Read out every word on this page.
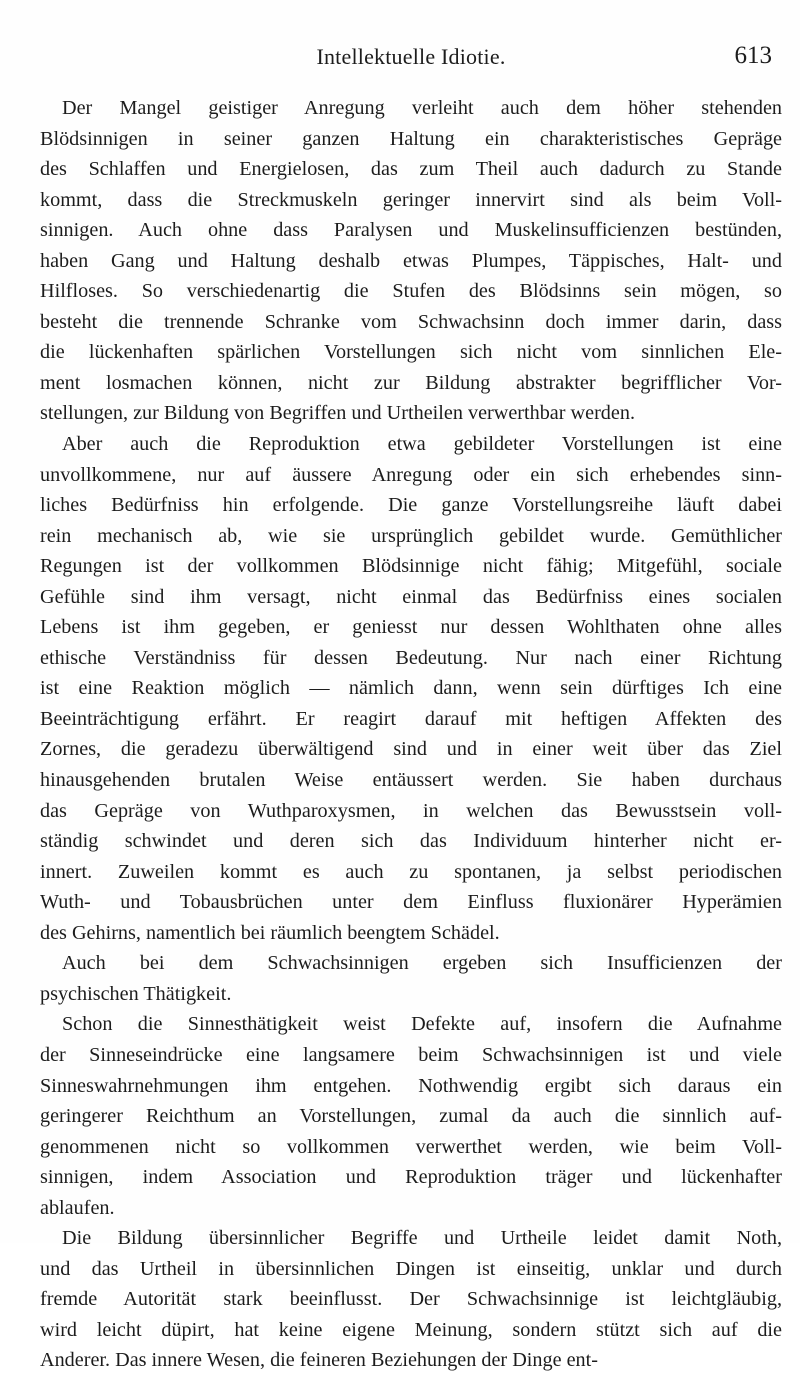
Intellektuelle Idiotie.	613
Der Mangel geistiger Anregung verleiht auch dem höher stehenden
Blödsinnigen in seiner ganzen Haltung ein charakteristisches Gepräge
des Schlaffen und Energielosen, das zum Theil auch dadurch zu Stande
kommt, dass die Streckmuskeln geringer innervirt sind als beim Voll-
sinnigen. Auch ohne dass Paralysen und Muskelinsufficienzen bestünden,
haben Gang und Haltung deshalb etwas Plumpes, Täppisches, Halt- und
Hilfloses. So verschiedenartig die Stufen des Blödsinns sein mögen, so
besteht die trennende Schranke vom Schwachsinn doch immer darin, dass
die lückenhaften spärlichen Vorstellungen sich nicht vom sinnlichen Ele-
ment losmachen können, nicht zur Bildung abstrakter begrifflicher Vor-
stellungen, zur Bildung von Begriffen und Urtheilen verwerthbar werden.
Aber auch die Reproduktion etwa gebildeter Vorstellungen ist eine
unvollkommene, nur auf äussere Anregung oder ein sich erhebendes sinn-
liches Bedürfniss hin erfolgende. Die ganze Vorstellungsreihe läuft dabei
rein mechanisch ab, wie sie ursprünglich gebildet wurde. Gemüthlicher
Regungen ist der vollkommen Blödsinnige nicht fähig; Mitgefühl, sociale
Gefühle sind ihm versagt, nicht einmal das Bedürfniss eines socialen
Lebens ist ihm gegeben, er geniesst nur dessen Wohlthaten ohne alles
ethische Verständniss für dessen Bedeutung. Nur nach einer Richtung
ist eine Reaktion möglich — nämlich dann, wenn sein dürftiges Ich eine
Beeinträchtigung erfährt. Er reagirt darauf mit heftigen Affekten des
Zornes, die geradezu überwältigend sind und in einer weit über das Ziel
hinausgehenden brutalen Weise entäussert werden. Sie haben durchaus
das Gepräge von Wuthparoxysmen, in welchen das Bewusstsein voll-
ständig schwindet und deren sich das Individuum hinterher nicht er-
innert. Zuweilen kommt es auch zu spontanen, ja selbst periodischen
Wuth- und Tobausbrüchen unter dem Einfluss fluxionärer Hyperämien
des Gehirns, namentlich bei räumlich beengtem Schädel.
Auch bei dem Schwachsinnigen ergeben sich Insufficienzen der
psychischen Thätigkeit.
Schon die Sinnesthätigkeit weist Defekte auf, insofern die Aufnahme
der Sinneseindrücke eine langsamere beim Schwachsinnigen ist und viele
Sinneswahrnehmungen ihm entgehen. Nothwendig ergibt sich daraus ein
geringerer Reichthum an Vorstellungen, zumal da auch die sinnlich auf-
genommenen nicht so vollkommen verwerthet werden, wie beim Voll-
sinnigen, indem Association und Reproduktion träger und lückenhafter
ablaufen.
Die Bildung übersinnlicher Begriffe und Urtheile leidet damit Noth,
und das Urtheil in übersinnlichen Dingen ist einseitig, unklar und durch
fremde Autorität stark beeinflusst. Der Schwachsinnige ist leichtgläubig,
wird leicht düpirt, hat keine eigene Meinung, sondern stützt sich auf die
Anderer. Das innere Wesen, die feineren Beziehungen der Dinge ent-
